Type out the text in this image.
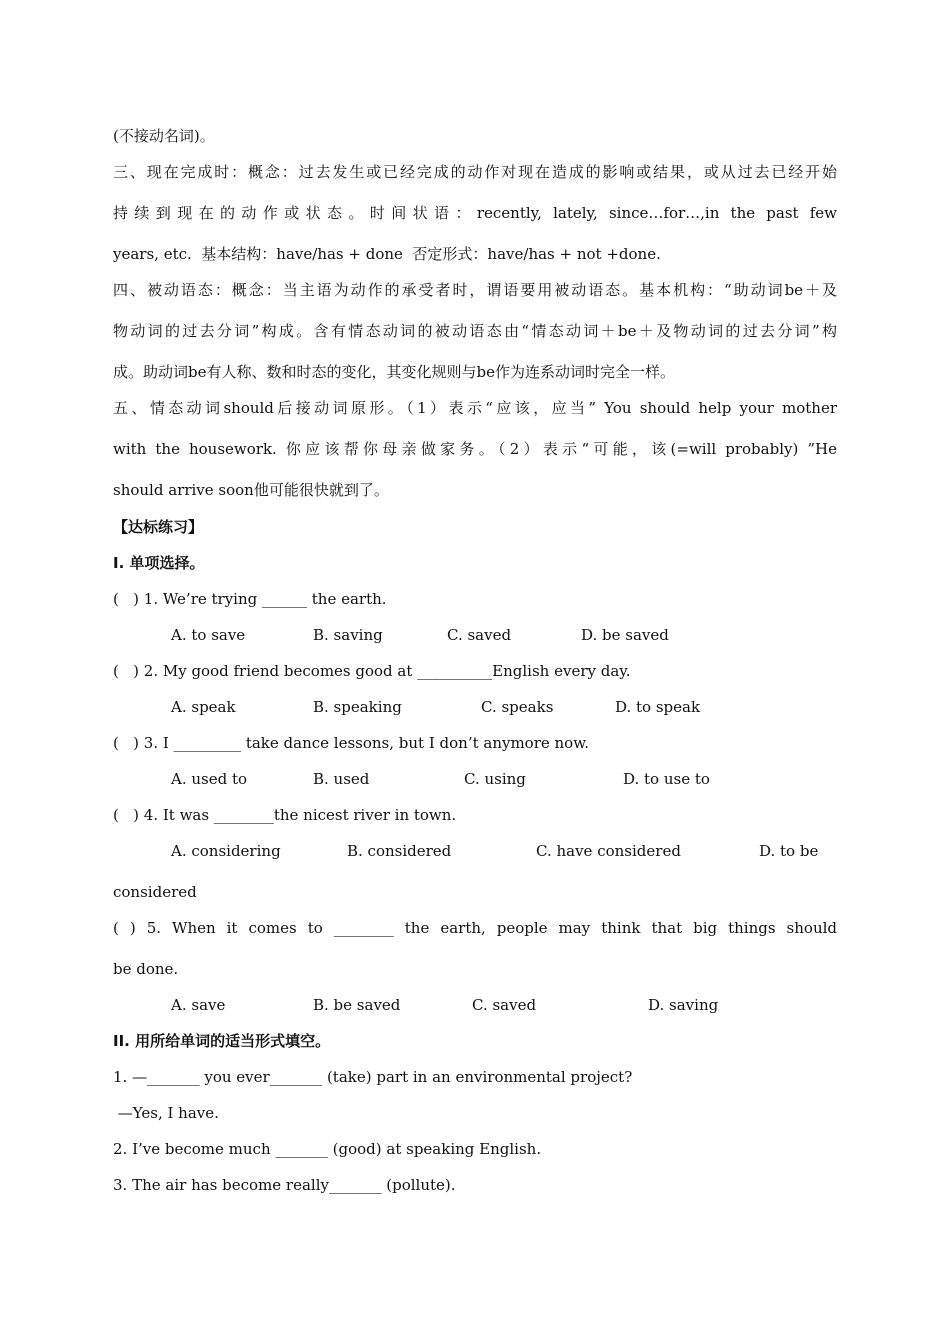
(不接动名词)。
三、现在完成时：概念：过去发生或已经完成的动作对现在造成的影响或结果，或从过去已经开始
持续到现在的动作或状态。时间状语：recently, lately, since…for…,in the past few
years, etc.  基本结构：have/has + done  否定形式：have/has + not +done.
四、被动语态：概念：当主语为动作的承受者时，谓语要用被动语态。基本机构：“助动词be＋及
物动词的过去分词”构成。含有情态动词的被动语态由“情态动词＋be＋及物动词的过去分词”构
成。助动词be有人称、数和时态的变化，其变化规则与be作为连系动词时完全一样。
五、情态动词should后接动词原形。（1）表示“应该，应当” You should help your mother
with the housework. 你应该帮你母亲做家务。（2）表示“可能，该(=will probably) ”He
should arrive soon他可能很快就到了。
【达标练习】
I. 单项选择。
(   ) 1. We’re trying ______ the earth.
A. to save	B. saving	C. saved	D. be saved
(   ) 2. My good friend becomes good at __________English every day.
A. speak	B. speaking	C. speaks	D. to speak
(   ) 3. I _________ take dance lessons, but I don’t anymore now.
A. used to	B. used	C. using	D. to use to
(   ) 4. It was ________the nicest river in town.
A. considering	B. considered	C. have considered	D. to be
considered
( ) 5. When it comes to ________ the earth, people may think that big things should
be done.
A. save	B. be saved	C. saved	D. saving
II. 用所给单词的适当形式填空。
1. —_______ you ever_______ (take) part in an environmental project?
—Yes, I have.
2. I’ve become much _______ (good) at speaking English.
3. The air has become really_______ (pollute).
